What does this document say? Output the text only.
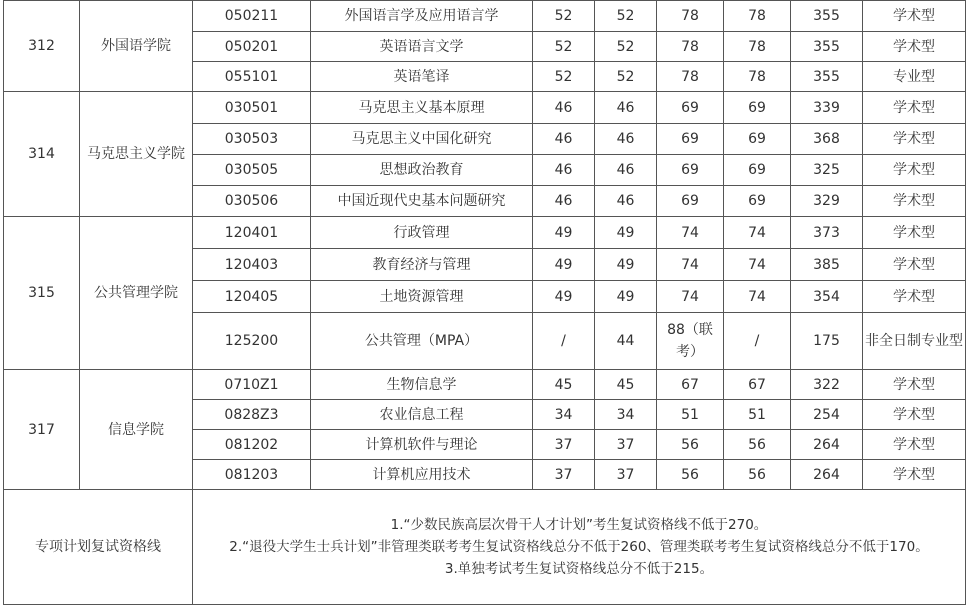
312	外国语学院	050211	外国语言学及应用语言学	52	52	78	78	355	学术型
		050201	英语语言文学	52	52	78	78	355	学术型
		055101	英语笔译	52	52	78	78	355	专业型
314	马克思主义学院	030501	马克思主义基本原理	46	46	69	69	339	学术型
		030503	马克思主义中国化研究	46	46	69	69	368	学术型
		030505	思想政治教育	46	46	69	69	325	学术型
		030506	中国近现代史基本问题研究	46	46	69	69	329	学术型
315	公共管理学院	120401	行政管理	49	49	74	74	373	学术型
		120403	教育经济与管理	49	49	74	74	385	学术型
		120405	土地资源管理	49	49	74	74	354	学术型
		125200	公共管理（MPA）	/	44	88（联考）	/	175	非全日制专业型
317	信息学院	0710Z1	生物信息学	45	45	67	67	322	学术型
		0828Z3	农业信息工程	34	34	51	51	254	学术型
		081202	计算机软件与理论	37	37	56	56	264	学术型
		081203	计算机应用技术	37	37	56	56	264	学术型
专项计划复试资格线		1.“少数民族高层次骨干人才计划”考生复试资格线不低于270。
2.“退役大学生士兵计划”非管理类联考考生复试资格线总分不低于260、管理类联考考生复试资格线总分不低于170。
3.单独考试考生复试资格线总分不低于215。							
